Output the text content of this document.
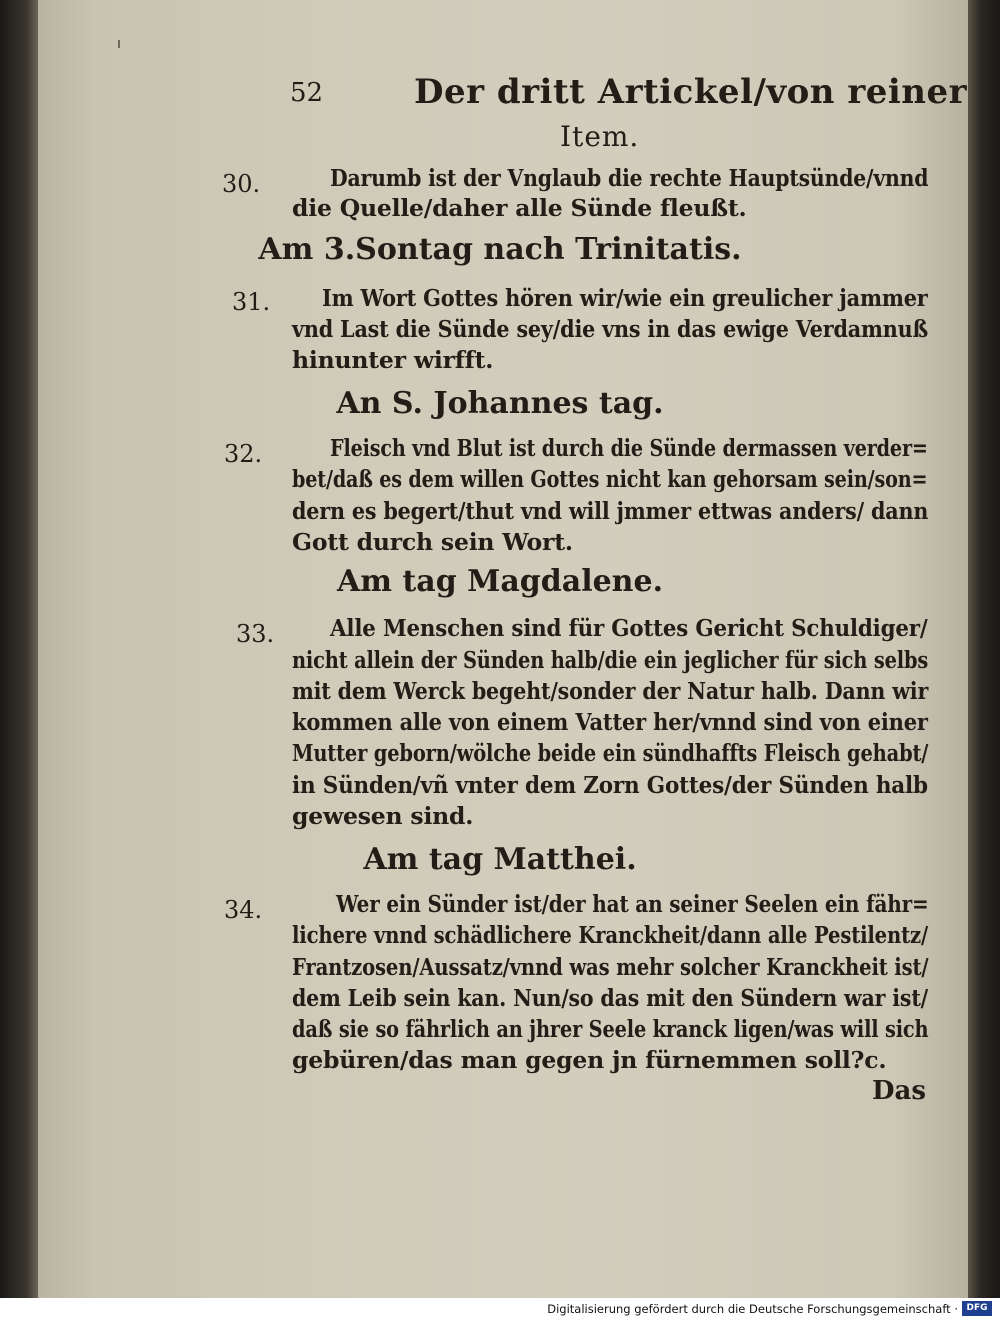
52	Der dritt Artickel/von reiner
Item.
30.	Darumb ist der Vnglaub die rechte Hauptsünde/vnnd
die Quelle/daher alle Sünde fleußt.
Am 3.Sontag nach Trinitatis.
31. Im Wort Gottes hören wir/wie ein greulicher jammer
vnd Last die Sünde sey/die vns in das ewige Verdamnuß
hinunter wirfft.
An S. Johannes tag.
32.	Fleisch vnd Blut ist durch die Sünde dermassen verder=
bet/daß es dem willen Gottes nicht kan gehorsam sein/son=
dern es begert/thut vnd will jmmer ettwas anders/ dann
Gott durch sein Wort.
Am tag Magdalene.
33. Alle Menschen sind für Gottes Gericht Schuldiger/
nicht allein der Sünden halb/die ein jeglicher für sich selbs
mit dem Werck begeht/sonder der Natur halb. Dann wir
kommen alle von einem Vatter her/vnnd sind von einer
Mutter geborn/wölche beide ein sündhaffts Fleisch gehabt/
in Sünden/vñ vnter dem Zorn Gottes/der Sünden halb
gewesen sind.
Am tag Matthei.
34.	Wer ein Sünder ist/der hat an seiner Seelen ein fähr=
lichere vnnd schädlichere Kranckheit/dann alle Pestilentz/
Frantzosen/Aussatz/vnnd was mehr solcher Kranckheit ist/
dem Leib sein kan. Nun/so das mit den Sündern war ist/
daß sie so fährlich an jhrer Seele kranck ligen/was will sich
gebüren/das man gegen jn fürnemmen soll?c.
Das
Digitalisierung gefördert durch die Deutsche Forschungsgemeinschaft · DFG
